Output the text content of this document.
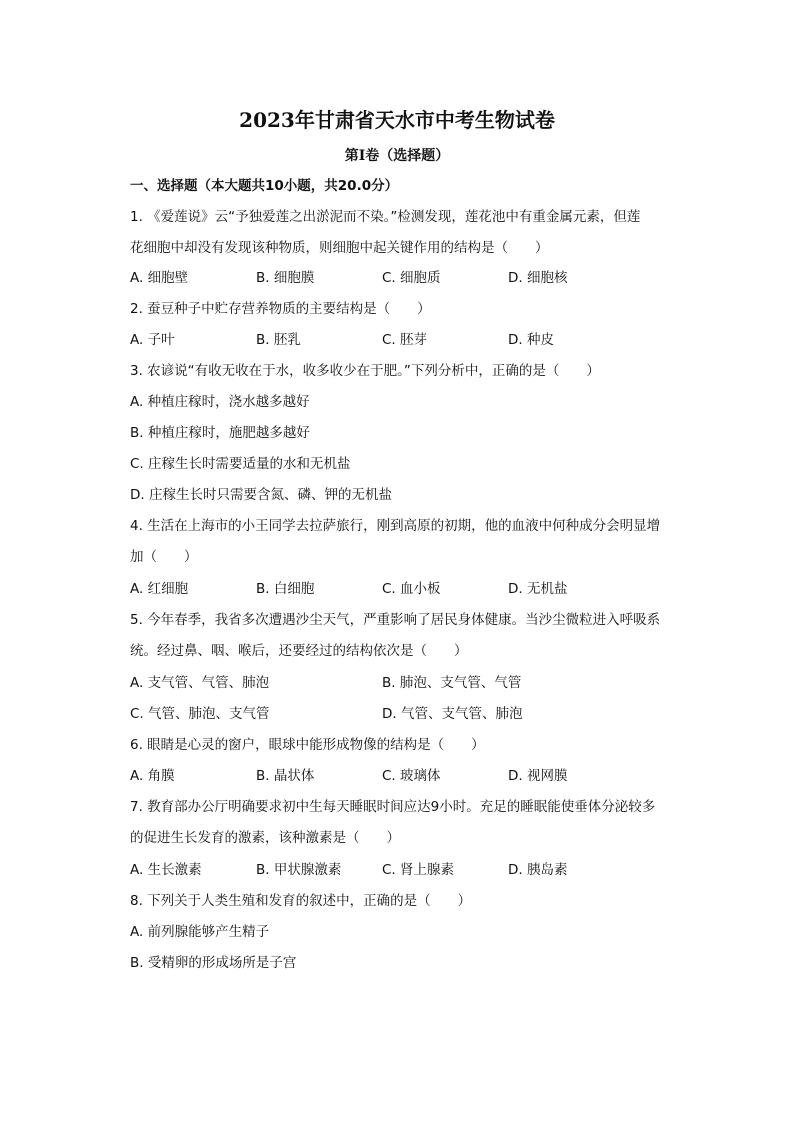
2023年甘肃省天水市中考生物试卷
第Ⅰ卷（选择题）
一、选择题（本大题共10小题，共20.0分）
1. 《爱莲说》云“予独爱莲之出淤泥而不染。”检测发现，莲花池中有重金属元素，但莲
花细胞中却没有发现该种物质，则细胞中起关键作用的结构是（　　）
A. 细胞壁	B. 细胞膜	C. 细胞质	D. 细胞核
2. 蚕豆种子中贮存营养物质的主要结构是（　　）
A. 子叶	B. 胚乳	C. 胚芽	D. 种皮
3. 农谚说“有收无收在于水，收多收少在于肥。”下列分析中，正确的是（　　）
A. 种植庄稼时，浇水越多越好
B. 种植庄稼时，施肥越多越好
C. 庄稼生长时需要适量的水和无机盐
D. 庄稼生长时只需要含氮、磷、钾的无机盐
4. 生活在上海市的小王同学去拉萨旅行，刚到高原的初期，他的血液中何种成分会明显增
加（　　）
A. 红细胞	B. 白细胞	C. 血小板	D. 无机盐
5. 今年春季，我省多次遭遇沙尘天气，严重影响了居民身体健康。当沙尘微粒进入呼吸系
统。经过鼻、咽、喉后，还要经过的结构依次是（　　）
A. 支气管、气管、肺泡	B. 肺泡、支气管、气管
C. 气管、肺泡、支气管	D. 气管、支气管、肺泡
6. 眼睛是心灵的窗户，眼球中能形成物像的结构是（　　）
A. 角膜	B. 晶状体	C. 玻璃体	D. 视网膜
7. 教育部办公厅明确要求初中生每天睡眠时间应达9小时。充足的睡眠能使垂体分泌较多
的促进生长发育的激素，该种激素是（　　）
A. 生长激素	B. 甲状腺激素	C. 肾上腺素	D. 胰岛素
8. 下列关于人类生殖和发育的叙述中，正确的是（　　）
A. 前列腺能够产生精子
B. 受精卵的形成场所是子宫
